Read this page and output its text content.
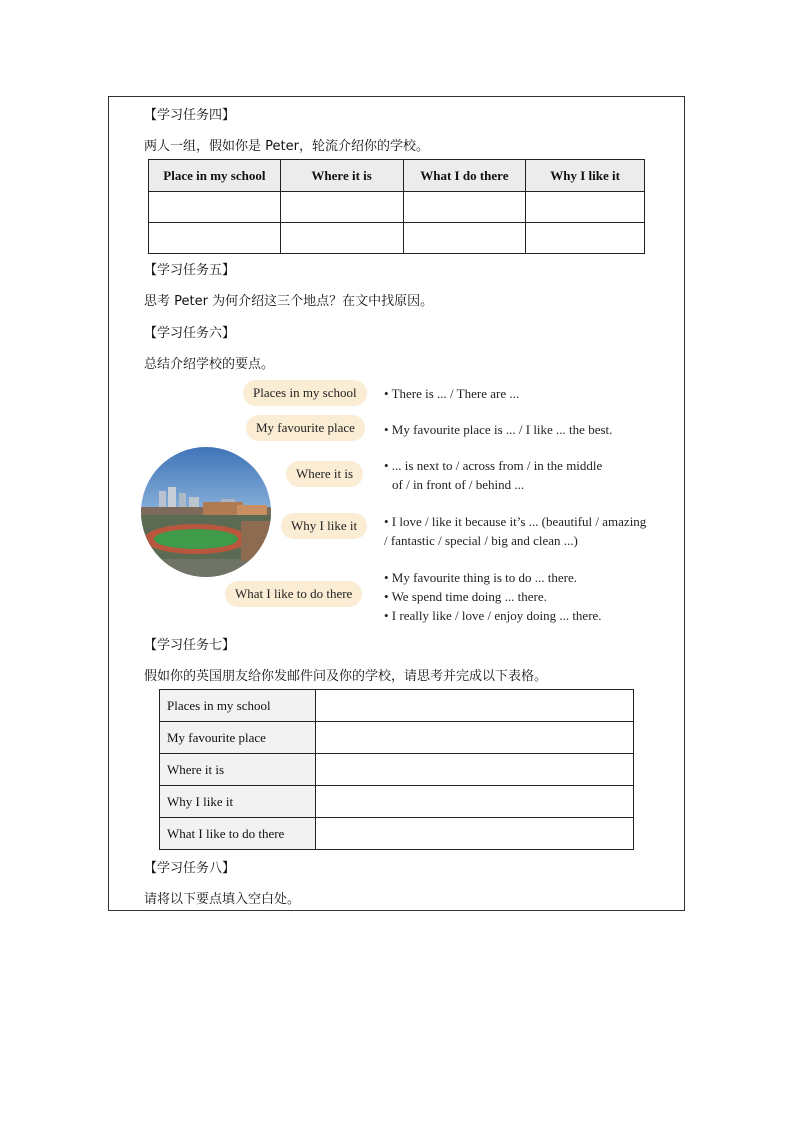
【学习任务四】
两人一组，假如你是 Peter，轮流介绍你的学校。
Place in my school	Where it is	What I do there	Why I like it

【学习任务五】
思考 Peter 为何介绍这三个地点？在文中找原因。
【学习任务六】
总结介绍学校的要点。
Places in my school	• There is ... / There are ...
My favourite place	• My favourite place is ... / I like ... the best.
Where it is
• ... is next to / across from / in the middle
of / in front of / behind ...
Why I like it	• I love / like it because it’s ... (beautiful / amazing
/ fantastic / special / big and clean ...)
What I like to do there
• My favourite thing is to do ... there.
• We spend time doing ... there.
• I really like / love / enjoy doing ... there.
【学习任务七】
假如你的英国朋友给你发邮件问及你的学校，请思考并完成以下表格。
Places in my school	
My favourite place	
Where it is	
Why I like it	
What I like to do there	
【学习任务八】
请将以下要点填入空白处。
